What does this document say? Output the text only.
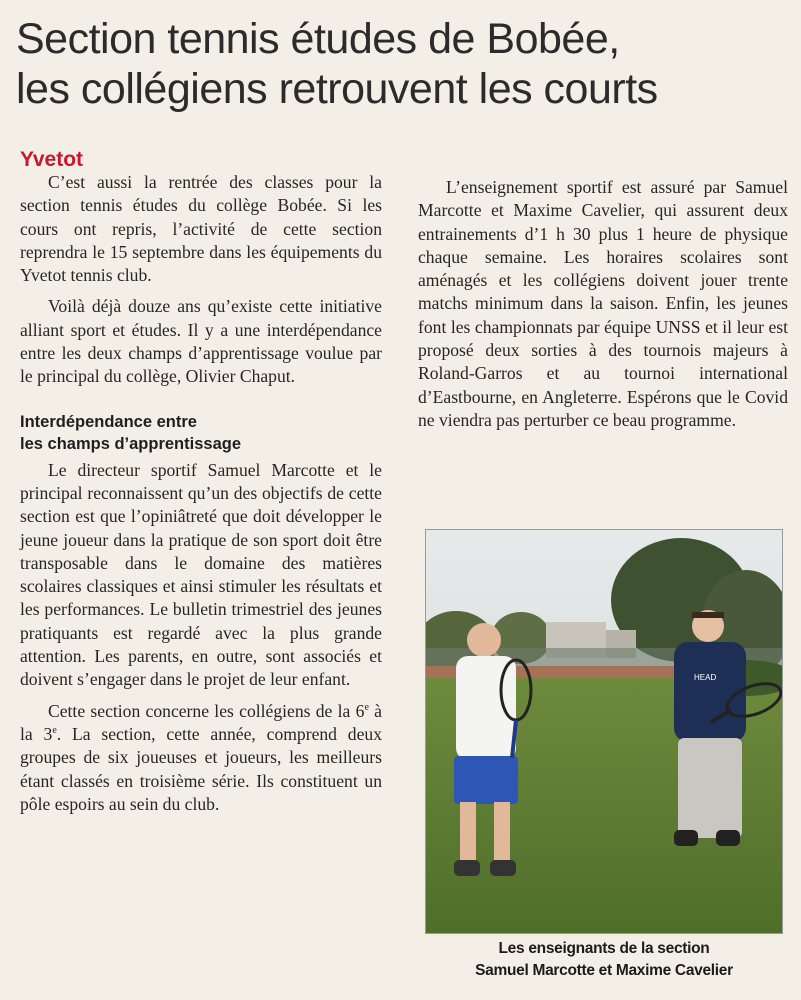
Section tennis études de Bobée,
les collégiens retrouvent les courts
Yvetot

C’est aussi la rentrée des classes pour la section tennis études du collège Bobée. Si les cours ont repris, l’activité de cette section reprendra le 15 septembre dans les équipements du Yvetot tennis club.

Voilà déjà douze ans qu’existe cette initiative alliant sport et études. Il y a une interdépendance entre les deux champs d’apprentissage voulue par le principal du collège, Olivier Chaput.

Interdépendance entre
les champs d’apprentissage

Le directeur sportif Samuel Marcotte et le principal reconnaissent qu’un des objectifs de cette section est que l’opiniâtreté que doit développer le jeune joueur dans la pratique de son sport doit être transposable dans le domaine des matières scolaires classiques et ainsi stimuler les résultats et les performances. Le bulletin trimestriel des jeunes pratiquants est regardé avec la plus grande attention. Les parents, en outre, sont associés et doivent s’engager dans le projet de leur enfant.

Cette section concerne les collégiens de la 6e à la 3e. La section, cette année, comprend deux groupes de six joueuses et joueurs, les meilleurs étant classés en troisième série. Ils constituent un pôle espoirs au sein du club.

L’enseignement sportif est assuré par Samuel Marcotte et Maxime Cavelier, qui assurent deux entrainements d’1 h 30 plus 1 heure de physique chaque semaine. Les horaires scolaires sont aménagés et les collégiens doivent jouer trente matchs minimum dans la saison. Enfin, les jeunes font les championnats par équipe UNSS et il leur est proposé deux sorties à des tournois majeurs à Roland-Garros et au tournoi international d’Eastbourne, en Angleterre. Espérons que le Covid ne viendra pas perturber ce beau programme.

HEAD
Les enseignants de la section
Samuel Marcotte et Maxime Cavelier
